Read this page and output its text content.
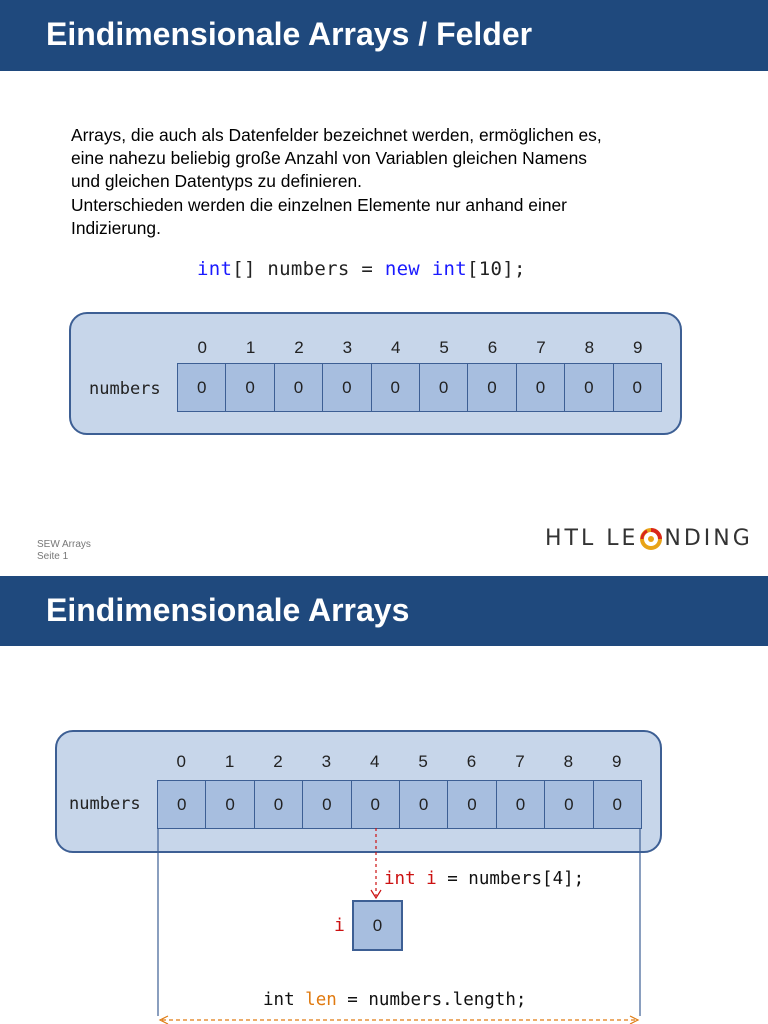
Eindimensionale Arrays / Felder
Arrays, die auch als Datenfelder bezeichnet werden, ermöglichen es,
eine nahezu beliebig große Anzahl von Variablen gleichen Namens
und gleichen Datentyps zu definieren.
Unterschieden werden die einzelnen Elemente nur anhand einer
Indizierung.
int[] numbers = new int[10];
0	1	2	3	4	5	6	7	8	9
numbers	0	0	0	0	0	0	0	0	0	0
SEW Arrays
Seite 1
HTL LE NDING
Eindimensionale Arrays
0	1	2	3	4	5	6	7	8	9
numbers	0	0	0	0	0	0	0	0	0	0
int i = numbers[4];
i	0
int len = numbers.length;
